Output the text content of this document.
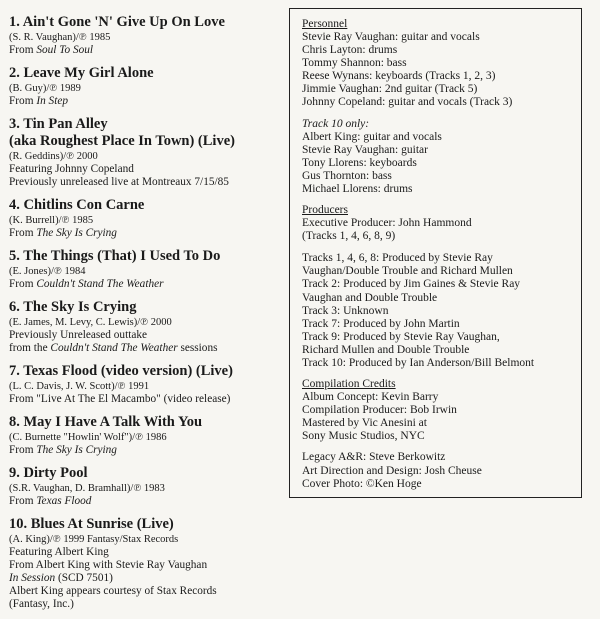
1. Ain't Gone 'N' Give Up On Love
(S. R. Vaughan)/℗ 1985
From Soul To Soul
2. Leave My Girl Alone
(B. Guy)/℗ 1989
From In Step
3. Tin Pan Alley
(aka Roughest Place In Town) (Live)
(R. Geddins)/℗ 2000
Featuring Johnny Copeland
Previously unreleased live at Montreaux 7/15/85
4. Chitlins Con Carne
(K. Burrell)/℗ 1985
From The Sky Is Crying
5. The Things (That) I Used To Do
(E. Jones)/℗ 1984
From Couldn't Stand The Weather
6. The Sky Is Crying
(E. James, M. Levy, C. Lewis)/℗ 2000
Previously Unreleased outtake
from the Couldn't Stand The Weather sessions
7. Texas Flood (video version) (Live)
(L. C. Davis, J. W. Scott)/℗ 1991
From "Live At The El Macambo" (video release)
8. May I Have A Talk With You
(C. Burnette "Howlin' Wolf")/℗ 1986
From The Sky Is Crying
9. Dirty Pool
(S.R. Vaughan, D. Bramhall)/℗ 1983
From Texas Flood
10. Blues At Sunrise (Live)
(A. King)/℗ 1999 Fantasy/Stax Records
Featuring Albert King
From Albert King with Stevie Ray Vaughan
In Session (SCD 7501)
Albert King appears courtesy of Stax Records
(Fantasy, Inc.)
Personnel
Stevie Ray Vaughan: guitar and vocals
Chris Layton: drums
Tommy Shannon: bass
Reese Wynans: keyboards (Tracks 1, 2, 3)
Jimmie Vaughan: 2nd guitar (Track 5)
Johnny Copeland: guitar and vocals (Track 3)
Track 10 only:
Albert King: guitar and vocals
Stevie Ray Vaughan: guitar
Tony Llorens: keyboards
Gus Thornton: bass
Michael Llorens: drums
Producers
Executive Producer: John Hammond
(Tracks 1, 4, 6, 8, 9)
Tracks 1, 4, 6, 8: Produced by Stevie Ray
Vaughan/Double Trouble and Richard Mullen
Track 2: Produced by Jim Gaines & Stevie Ray
Vaughan and Double Trouble
Track 3: Unknown
Track 7: Produced by John Martin
Track 9: Produced by Stevie Ray Vaughan,
Richard Mullen and Double Trouble
Track 10: Produced by Ian Anderson/Bill Belmont
Compilation Credits
Album Concept: Kevin Barry
Compilation Producer: Bob Irwin
Mastered by Vic Anesini at
Sony Music Studios, NYC
Legacy A&R: Steve Berkowitz
Art Direction and Design: Josh Cheuse
Cover Photo: ©Ken Hoge
